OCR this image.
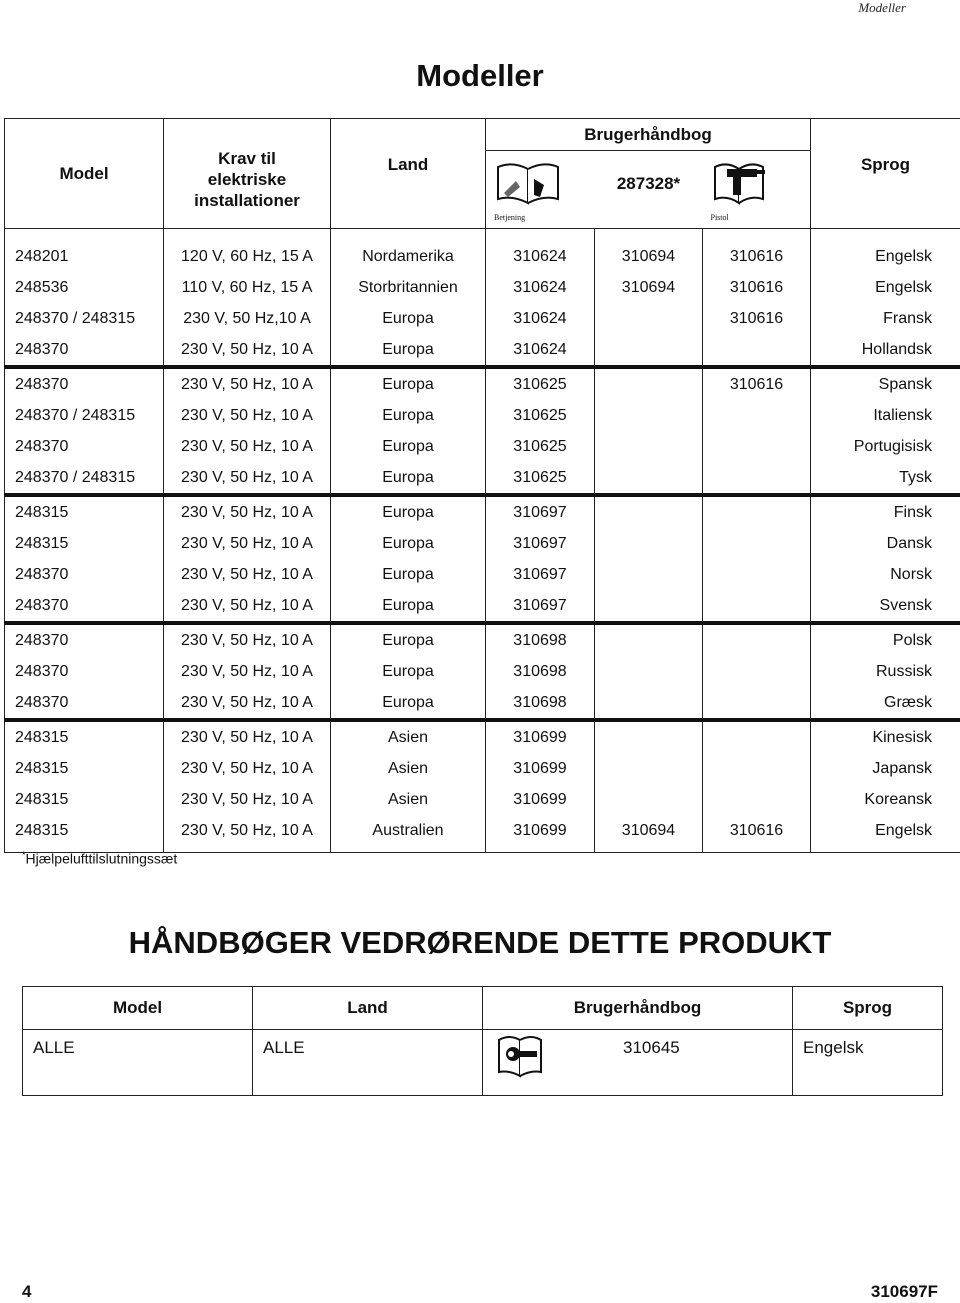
Modeller
Modeller
Model	Krav til elektriske installationer	Land	Brugerhåndbog			Sprog

			Betjening	287328*	Pistol	

248201	120 V, 60 Hz, 15 A	Nordamerika	310624	310694	310616	Engelsk
248536	110 V, 60 Hz, 15 A	Storbritannien	310624	310694	310616	Engelsk
248370 / 248315	230 V, 50 Hz,10 A	Europa	310624		310616	Fransk
248370	230 V, 50 Hz, 10 A	Europa	310624			Hollandsk
248370	230 V, 50 Hz, 10 A	Europa	310625		310616	Spansk
248370 / 248315	230 V, 50 Hz, 10 A	Europa	310625			Italiensk
248370	230 V, 50 Hz, 10 A	Europa	310625			Portugisisk
248370 / 248315	230 V, 50 Hz, 10 A	Europa	310625			Tysk
248315	230 V, 50 Hz, 10 A	Europa	310697			Finsk
248315	230 V, 50 Hz, 10 A	Europa	310697			Dansk
248370	230 V, 50 Hz, 10 A	Europa	310697			Norsk
248370	230 V, 50 Hz, 10 A	Europa	310697			Svensk
248370	230 V, 50 Hz, 10 A	Europa	310698			Polsk
248370	230 V, 50 Hz, 10 A	Europa	310698			Russisk
248370	230 V, 50 Hz, 10 A	Europa	310698			Græsk
248315	230 V, 50 Hz, 10 A	Asien	310699			Kinesisk
248315	230 V, 50 Hz, 10 A	Asien	310699			Japansk
248315	230 V, 50 Hz, 10 A	Asien	310699			Koreansk
248315	230 V, 50 Hz, 10 A	Australien	310699	310694	310616	Engelsk
*Hjælpelufttilslutningssæt
HÅNDBØGER VEDRØRENDE DETTE PRODUKT
Model	Land	Brugerhåndbog	Sprog
ALLE	ALLE	310645	Engelsk
4	310697F
